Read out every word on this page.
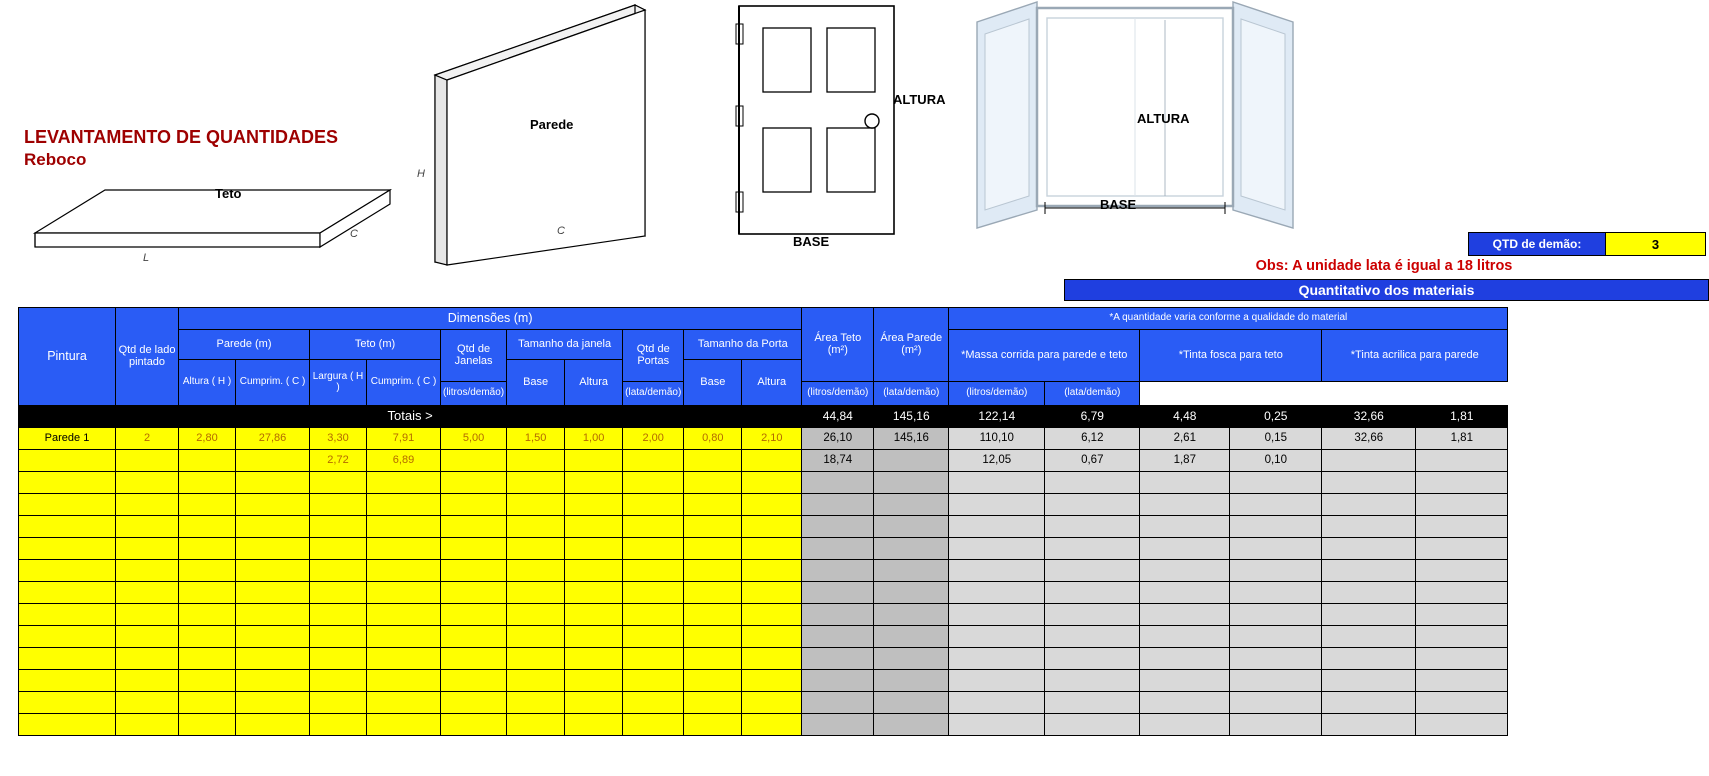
LEVANTAMENTO DE QUANTIDADES
Reboco
Teto
C
L
Parede
H
C
ALTURA
BASE
ALTURA
BASE
QTD de demão:	3
Obs: A unidade lata é igual a 18 litros
Quantitativo dos materiais
Pintura	Qtd de lado pintado	Dimensões (m)										Área Teto (m²)	Área Parede (m²)	*A quantidade varia conforme a qualidade do material					
		Parede (m)		Teto (m)		Qtd de Janelas	Tamanho da janela		Qtd de Portas	Tamanho da Porta				*Massa corrida para parede e teto		*Tinta fosca para teto		*Tinta acrilica para parede	
		Altura ( H )	Cumprim. ( C )	Largura ( H )	Cumprim. ( C )		Base	Altura		Base	Altura								
						(litros/demão)			(lata/demão)			(litros/demão)	(lata/demão)	(litros/demão)	(lata/demão)				
Totais >												44,84	145,16	122,14	6,79	4,48	0,25	32,66	1,81
Parede 1	2	2,80	27,86	3,30	7,91	5,00	1,50	1,00	2,00	0,80	2,10	26,10	145,16	110,10	6,12	2,61	0,15	32,66	1,81
				2,72	6,89							18,74		12,05	0,67	1,87	0,10		
